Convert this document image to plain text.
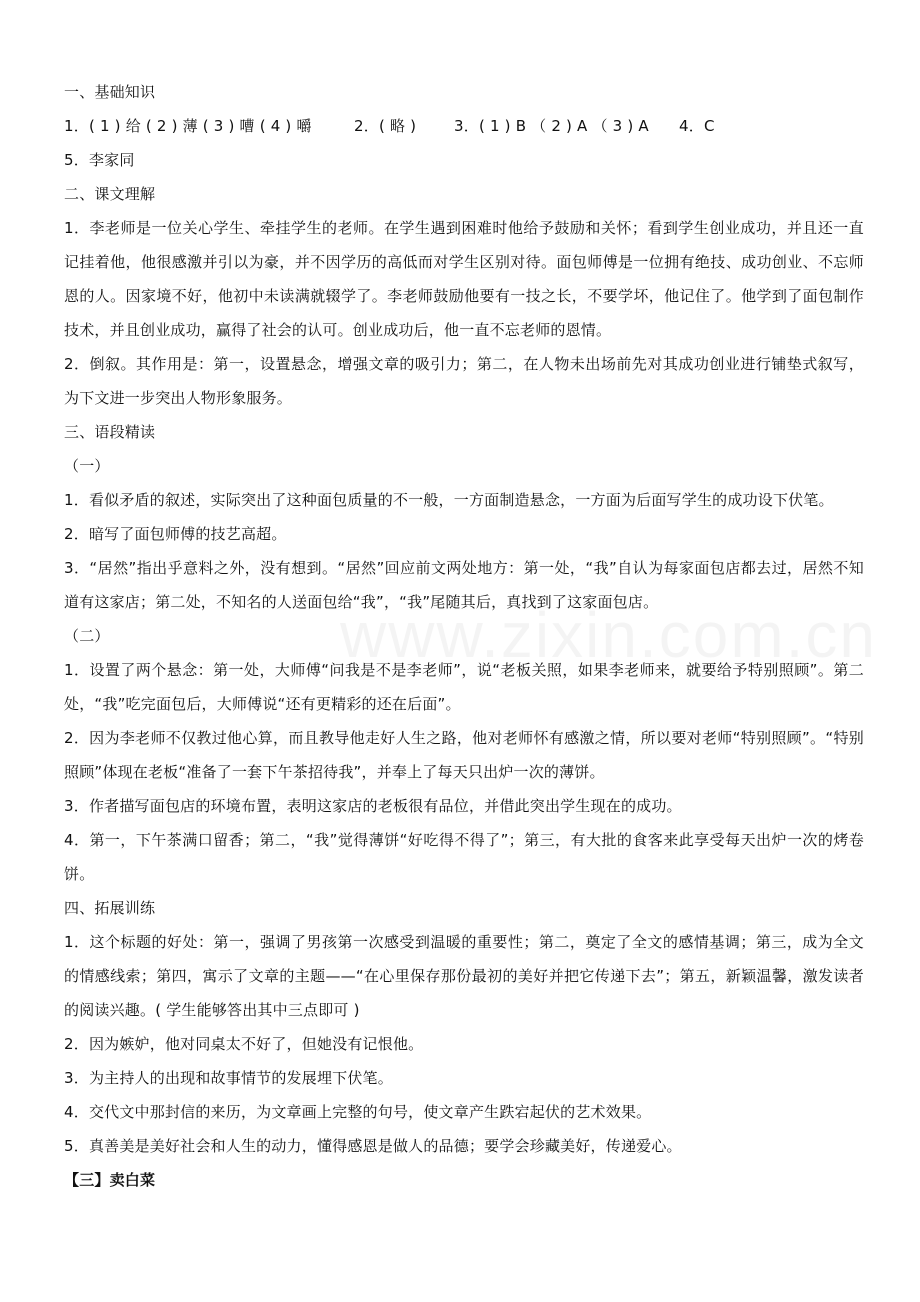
一、基础知识

1．( 1 ) 给 ( 2 ) 薄 ( 3 ) 嘈 ( 4 ) 嚼	2．( 略 )	3．( 1 ) B （ 2 ) A （ 3 ) A	4．C

5．李家同

二、课文理解

1．李老师是一位关心学生、牵挂学生的老师。在学生遇到困难时他给予鼓励和关怀；看到学生创业成功，并且还一直记挂着他，他很感激并引以为豪，并不因学历的高低而对学生区别对待。面包师傅是一位拥有绝技、成功创业、不忘师恩的人。因家境不好，他初中未读满就辍学了。李老师鼓励他要有一技之长，不要学坏，他记住了。他学到了面包制作技术，并且创业成功，赢得了社会的认可。创业成功后，他一直不忘老师的恩情。

2．倒叙。其作用是：第一，设置悬念，增强文章的吸引力；第二，在人物未出场前先对其成功创业进行铺垫式叙写，为下文进一步突出人物形象服务。

三、语段精读

（一）

1．看似矛盾的叙述，实际突出了这种面包质量的不一般，一方面制造悬念，一方面为后面写学生的成功设下伏笔。

2．暗写了面包师傅的技艺高超。

3．“居然”指出乎意料之外，没有想到。“居然”回应前文两处地方：第一处，“我”自认为每家面包店都去过，居然不知道有这家店；第二处，不知名的人送面包给“我”，“我”尾随其后，真找到了这家面包店。

（二）

1．设置了两个悬念：第一处，大师傅“问我是不是李老师”，说“老板关照，如果李老师来，就要给予特别照顾”。第二处，“我”吃完面包后，大师傅说“还有更精彩的还在后面”。

2．因为李老师不仅教过他心算，而且教导他走好人生之路，他对老师怀有感激之情，所以要对老师“特别照顾”。“特别照顾”体现在老板“准备了一套下午茶招待我”，并奉上了每天只出炉一次的薄饼。

3．作者描写面包店的环境布置，表明这家店的老板很有品位，并借此突出学生现在的成功。

4．第一，下午茶满口留香；第二，“我”觉得薄饼“好吃得不得了”；第三，有大批的食客来此享受每天出炉一次的烤卷饼。

四、拓展训练

1．这个标题的好处：第一，强调了男孩第一次感受到温暖的重要性；第二，奠定了全文的感情基调；第三，成为全文的情感线索；第四，寓示了文章的主题——“在心里保存那份最初的美好并把它传递下去”；第五，新颖温馨，激发读者的阅读兴趣。( 学生能够答出其中三点即可 )

2．因为嫉妒，他对同桌太不好了，但她没有记恨他。

3．为主持人的出现和故事情节的发展埋下伏笔。

4．交代文中那封信的来历，为文章画上完整的句号，使文章产生跌宕起伏的艺术效果。

5．真善美是美好社会和人生的动力，懂得感恩是做人的品德；要学会珍藏美好，传递爱心。

【三】卖白菜
